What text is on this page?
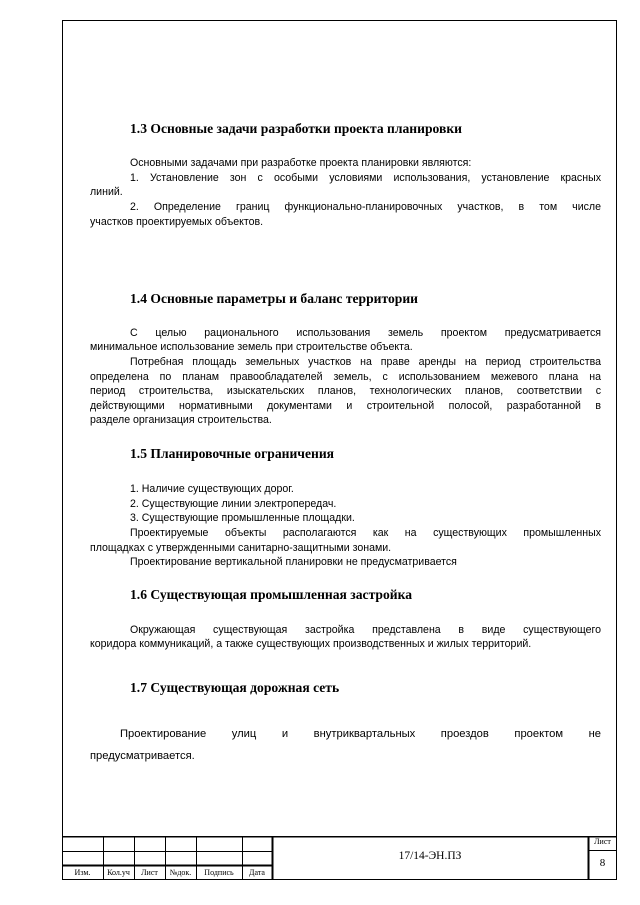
1.3 Основные задачи разработки проекта планировки

Основными задачами при разработке проекта планировки являются:

1. Установление зон с особыми условиями использования, установление красных

линий.

2. Определение границ функционально-планировочных участков, в том числе

участков проектируемых объектов.

1.4 Основные параметры и баланс территории

С целью рационального использования земель проектом предусматривается

минимальное использование земель при строительстве объекта.

Потребная площадь земельных участков на праве аренды на период строительства

определена по планам правообладателей земель, с использованием межевого плана на

период строительства, изыскательских планов, технологических планов, соответствии с

действующими нормативными документами и строительной полосой, разработанной в

разделе организация строительства.

1.5 Планировочные ограничения
1. Наличие существующих дорог.
2. Существующие линии электропередач.
3. Существующие промышленные площадки.

Проектируемые объекты располагаются как на существующих промышленных

площадках с утвержденными санитарно-защитными зонами.

Проектирование вертикальной планировки не предусматривается

1.6 Существующая промышленная застройка

Окружающая существующая застройка представлена в виде существующего

коридора коммуникаций, а также существующих производственных и жилых территорий.

1.7 Существующая дорожная сеть

Проектирование улиц и внутриквартальных проездов проектом не

предусматривается.

Изм.	Кол.уч	Лист	№док.	Подпись	Дата
17/14-ЭН.ПЗ
Лист
8
